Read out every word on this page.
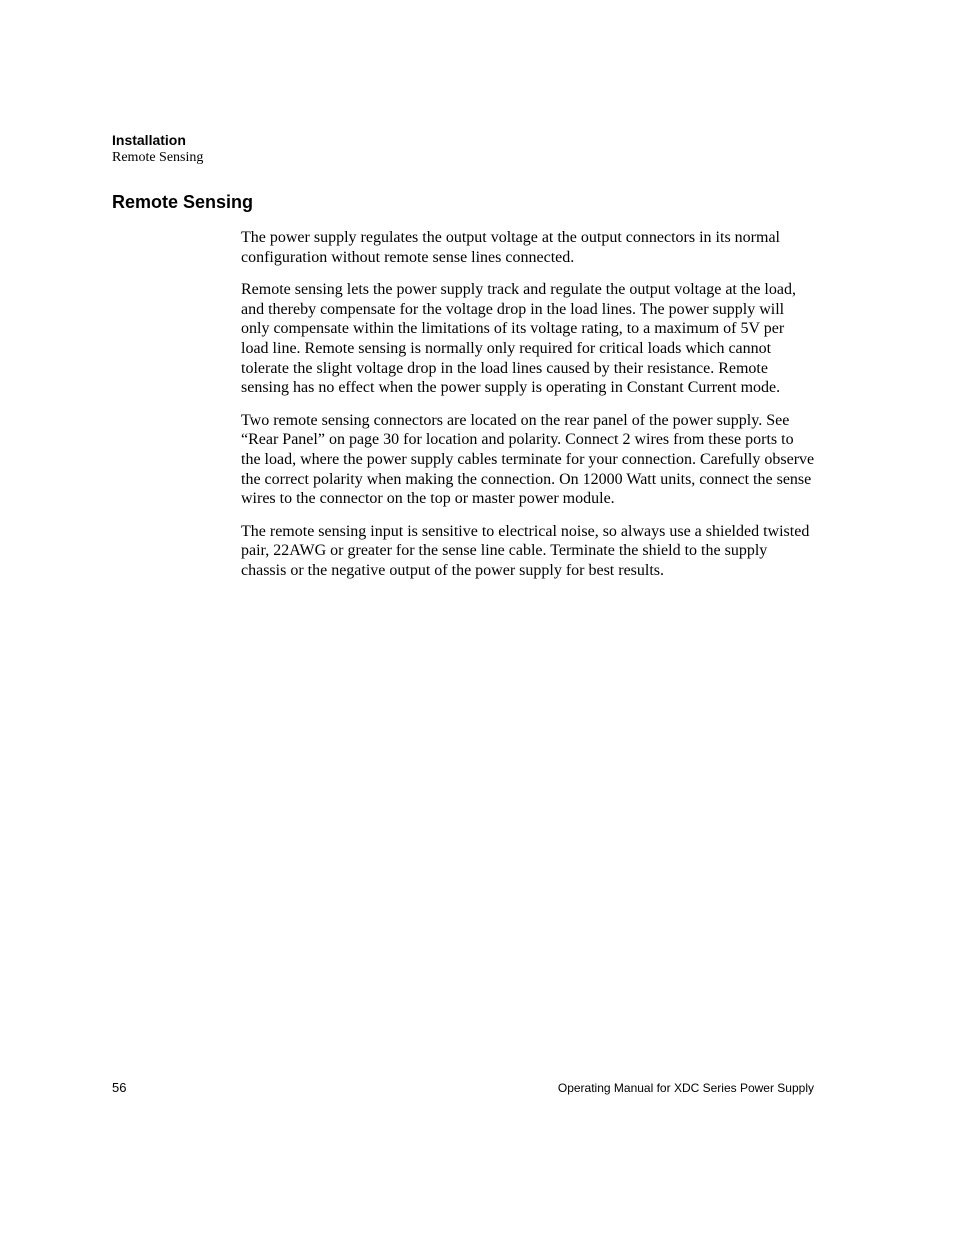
Installation
Remote Sensing
Remote Sensing

The power supply regulates the output voltage at the output connectors in its normal configuration without remote sense lines connected.

Remote sensing lets the power supply track and regulate the output voltage at the load, and thereby compensate for the voltage drop in the load lines. The power supply will only compensate within the limitations of its voltage rating, to a maximum of 5V per load line. Remote sensing is normally only required for critical loads which cannot tolerate the slight voltage drop in the load lines caused by their resistance. Remote sensing has no effect when the power supply is operating in Constant Current mode.

Two remote sensing connectors are located on the rear panel of the power supply. See “Rear Panel” on page 30 for location and polarity. Connect 2 wires from these ports to the load, where the power supply cables terminate for your connection. Carefully observe the correct polarity when making the connection. On 12000 Watt units, connect the sense wires to the connector on the top or master power module.

The remote sensing input is sensitive to electrical noise, so always use a shielded twisted pair, 22AWG or greater for the sense line cable. Terminate the shield to the supply chassis or the negative output of the power supply for best results.

56	Operating Manual for XDC Series Power Supply
